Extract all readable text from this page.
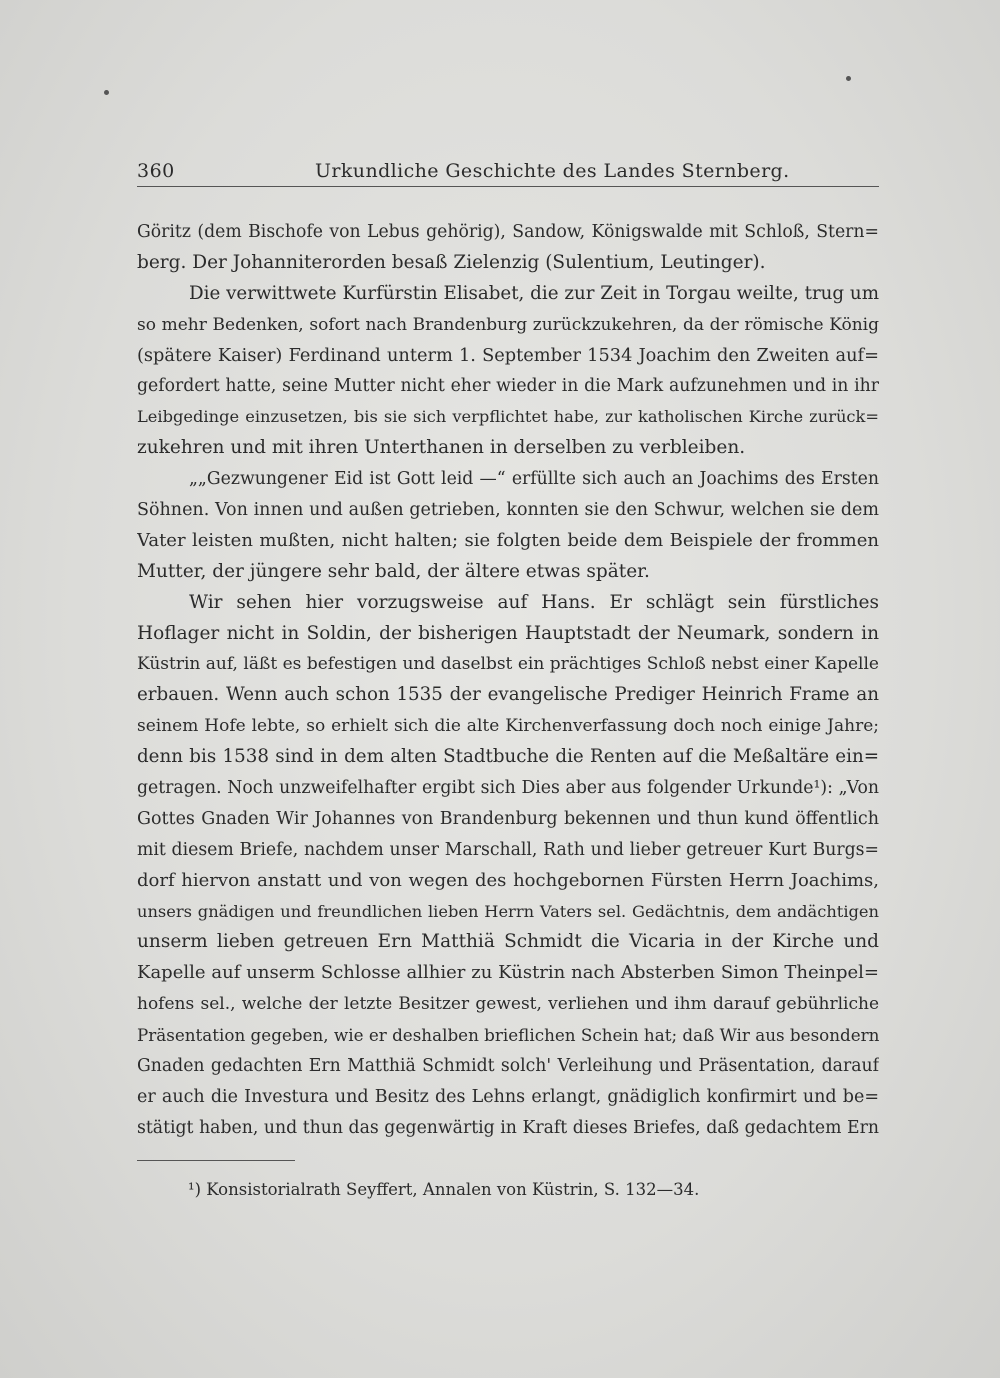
360	Urkundliche Geschichte des Landes Sternberg.
Göritz (dem Bischofe von Lebus gehörig), Sandow, Königswalde mit Schloß, Stern=
berg. Der Johanniterorden besaß Zielenzig (Sulentium, Leutinger).
Die verwittwete Kurfürstin Elisabet, die zur Zeit in Torgau weilte, trug um
so mehr Bedenken, sofort nach Brandenburg zurückzukehren, da der römische König
(spätere Kaiser) Ferdinand unterm 1. September 1534 Joachim den Zweiten auf=
gefordert hatte, seine Mutter nicht eher wieder in die Mark aufzunehmen und in ihr
Leibgedinge einzusetzen, bis sie sich verpflichtet habe, zur katholischen Kirche zurück=
zukehren und mit ihren Unterthanen in derselben zu verbleiben.
„„Gezwungener Eid ist Gott leid —“ erfüllte sich auch an Joachims des Ersten
Söhnen. Von innen und außen getrieben, konnten sie den Schwur, welchen sie dem
Vater leisten mußten, nicht halten; sie folgten beide dem Beispiele der frommen
Mutter, der jüngere sehr bald, der ältere etwas später.
Wir sehen hier vorzugsweise auf Hans. Er schlägt sein fürstliches
Hoflager nicht in Soldin, der bisherigen Hauptstadt der Neumark, sondern in
Küstrin auf, läßt es befestigen und daselbst ein prächtiges Schloß nebst einer Kapelle
erbauen. Wenn auch schon 1535 der evangelische Prediger Heinrich Frame an
seinem Hofe lebte, so erhielt sich die alte Kirchenverfassung doch noch einige Jahre;
denn bis 1538 sind in dem alten Stadtbuche die Renten auf die Meßaltäre ein=
getragen. Noch unzweifelhafter ergibt sich Dies aber aus folgender Urkunde¹): „Von
Gottes Gnaden Wir Johannes von Brandenburg bekennen und thun kund öffentlich
mit diesem Briefe, nachdem unser Marschall, Rath und lieber getreuer Kurt Burgs=
dorf hiervon anstatt und von wegen des hochgebornen Fürsten Herrn Joachims,
unsers gnädigen und freundlichen lieben Herrn Vaters sel. Gedächtnis, dem andächtigen
unserm lieben getreuen Ern Matthiä Schmidt die Vicaria in der Kirche und
Kapelle auf unserm Schlosse allhier zu Küstrin nach Absterben Simon Theinpel=
hofens sel., welche der letzte Besitzer gewest, verliehen und ihm darauf gebührliche
Präsentation gegeben, wie er deshalben brieflichen Schein hat; daß Wir aus besondern
Gnaden gedachten Ern Matthiä Schmidt solch' Verleihung und Präsentation, darauf
er auch die Investura und Besitz des Lehns erlangt, gnädiglich konfirmirt und be=
stätigt haben, und thun das gegenwärtig in Kraft dieses Briefes, daß gedachtem Ern
¹) Konsistorialrath Seyffert, Annalen von Küstrin, S. 132—34.
